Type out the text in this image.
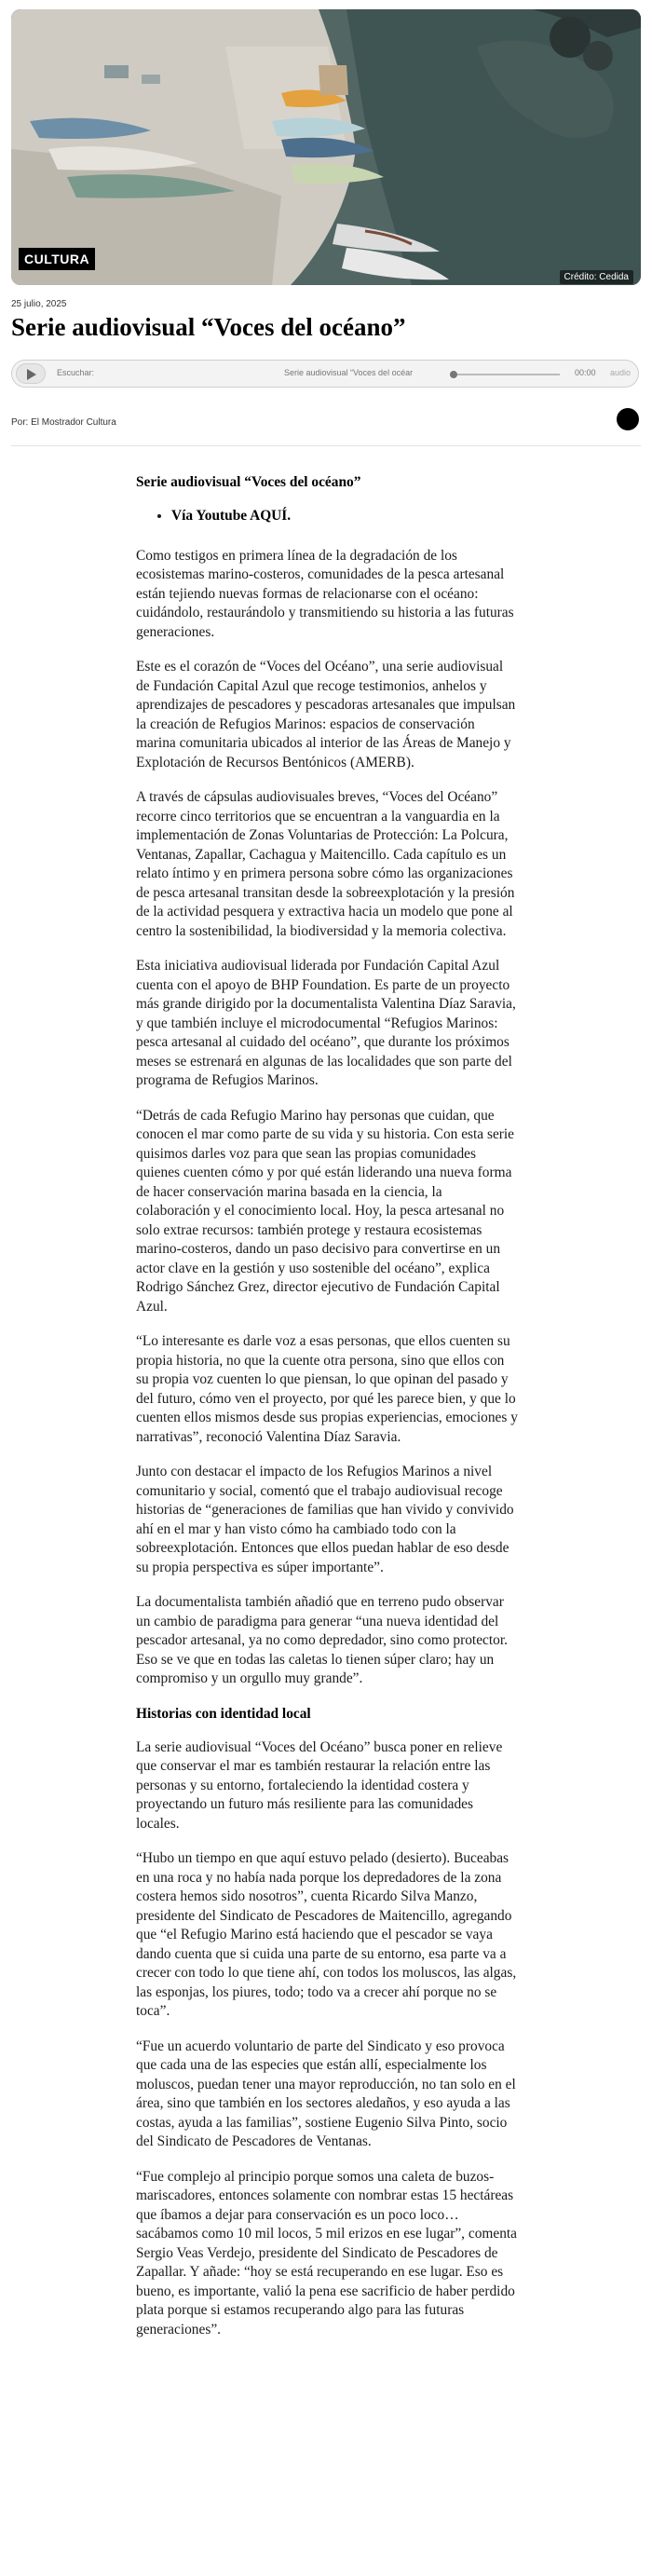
CULTURA
Crédito: Cedida
25 julio, 2025
Serie audiovisual “Voces del océano”
Escuchar:	Serie audiovisual “Voces del océar	00:00 audio
Por: El Mostrador Cultura
Serie audiovisual “Voces del océano”
• Vía Youtube AQUÍ.

Como testigos en primera línea de la degradación de los ecosistemas marino-costeros, comunidades de la pesca artesanal están tejiendo nuevas formas de relacionarse con el océano: cuidándolo, restaurándolo y transmitiendo su historia a las futuras generaciones.

Este es el corazón de “Voces del Océano”, una serie audiovisual de Fundación Capital Azul que recoge testimonios, anhelos y aprendizajes de pescadores y pescadoras artesanales que impulsan la creación de Refugios Marinos: espacios de conservación marina comunitaria ubicados al interior de las Áreas de Manejo y Explotación de Recursos Bentónicos (AMERB).

A través de cápsulas audiovisuales breves, “Voces del Océano” recorre cinco territorios que se encuentran a la vanguardia en la implementación de Zonas Voluntarias de Protección: La Polcura, Ventanas, Zapallar, Cachagua y Maitencillo. Cada capítulo es un relato íntimo y en primera persona sobre cómo las organizaciones de pesca artesanal transitan desde la sobreexplotación y la presión de la actividad pesquera y extractiva hacia un modelo que pone al centro la sostenibilidad, la biodiversidad y la memoria colectiva.

Esta iniciativa audiovisual liderada por Fundación Capital Azul cuenta con el apoyo de BHP Foundation. Es parte de un proyecto más grande dirigido por la documentalista Valentina Díaz Saravia, y que también incluye el microdocumental “Refugios Marinos: pesca artesanal al cuidado del océano”, que durante los próximos meses se estrenará en algunas de las localidades que son parte del programa de Refugios Marinos.

“Detrás de cada Refugio Marino hay personas que cuidan, que conocen el mar como parte de su vida y su historia. Con esta serie quisimos darles voz para que sean las propias comunidades quienes cuenten cómo y por qué están liderando una nueva forma de hacer conservación marina basada en la ciencia, la colaboración y el conocimiento local. Hoy, la pesca artesanal no solo extrae recursos: también protege y restaura ecosistemas marino-costeros, dando un paso decisivo para convertirse en un actor clave en la gestión y uso sostenible del océano”, explica Rodrigo Sánchez Grez, director ejecutivo de Fundación Capital Azul.

“Lo interesante es darle voz a esas personas, que ellos cuenten su propia historia, no que la cuente otra persona, sino que ellos con su propia voz cuenten lo que piensan, lo que opinan del pasado y del futuro, cómo ven el proyecto, por qué les parece bien, y que lo cuenten ellos mismos desde sus propias experiencias, emociones y narrativas”, reconoció Valentina Díaz Saravia.

Junto con destacar el impacto de los Refugios Marinos a nivel comunitario y social, comentó que el trabajo audiovisual recoge historias de “generaciones de familias que han vivido y convivido ahí en el mar y han visto cómo ha cambiado todo con la sobreexplotación. Entonces que ellos puedan hablar de eso desde su propia perspectiva es súper importante”.

La documentalista también añadió que en terreno pudo observar un cambio de paradigma para generar “una nueva identidad del pescador artesanal, ya no como depredador, sino como protector. Eso se ve que en todas las caletas lo tienen súper claro; hay un compromiso y un orgullo muy grande”.

Historias con identidad local

La serie audiovisual “Voces del Océano” busca poner en relieve que conservar el mar es también restaurar la relación entre las personas y su entorno, fortaleciendo la identidad costera y proyectando un futuro más resiliente para las comunidades locales.

“Hubo un tiempo en que aquí estuvo pelado (desierto). Buceabas en una roca y no había nada porque los depredadores de la zona costera hemos sido nosotros”, cuenta Ricardo Silva Manzo, presidente del Sindicato de Pescadores de Maitencillo, agregando que “el Refugio Marino está haciendo que el pescador se vaya dando cuenta que si cuida una parte de su entorno, esa parte va a crecer con todo lo que tiene ahí, con todos los moluscos, las algas, las esponjas, los piures, todo; todo va a crecer ahí porque no se toca”.

“Fue un acuerdo voluntario de parte del Sindicato y eso provoca que cada una de las especies que están allí, especialmente los moluscos, puedan tener una mayor reproducción, no tan solo en el área, sino que también en los sectores aledaños, y eso ayuda a las costas, ayuda a las familias”, sostiene Eugenio Silva Pinto, socio del Sindicato de Pescadores de Ventanas.

“Fue complejo al principio porque somos una caleta de buzos-mariscadores, entonces solamente con nombrar estas 15 hectáreas que íbamos a dejar para conservación es un poco loco… sacábamos como 10 mil locos, 5 mil erizos en ese lugar”, comenta Sergio Veas Verdejo, presidente del Sindicato de Pescadores de Zapallar. Y añade: “hoy se está recuperando en ese lugar. Eso es bueno, es importante, valió la pena ese sacrificio de haber perdido plata porque si estamos recuperando algo para las futuras generaciones”.
